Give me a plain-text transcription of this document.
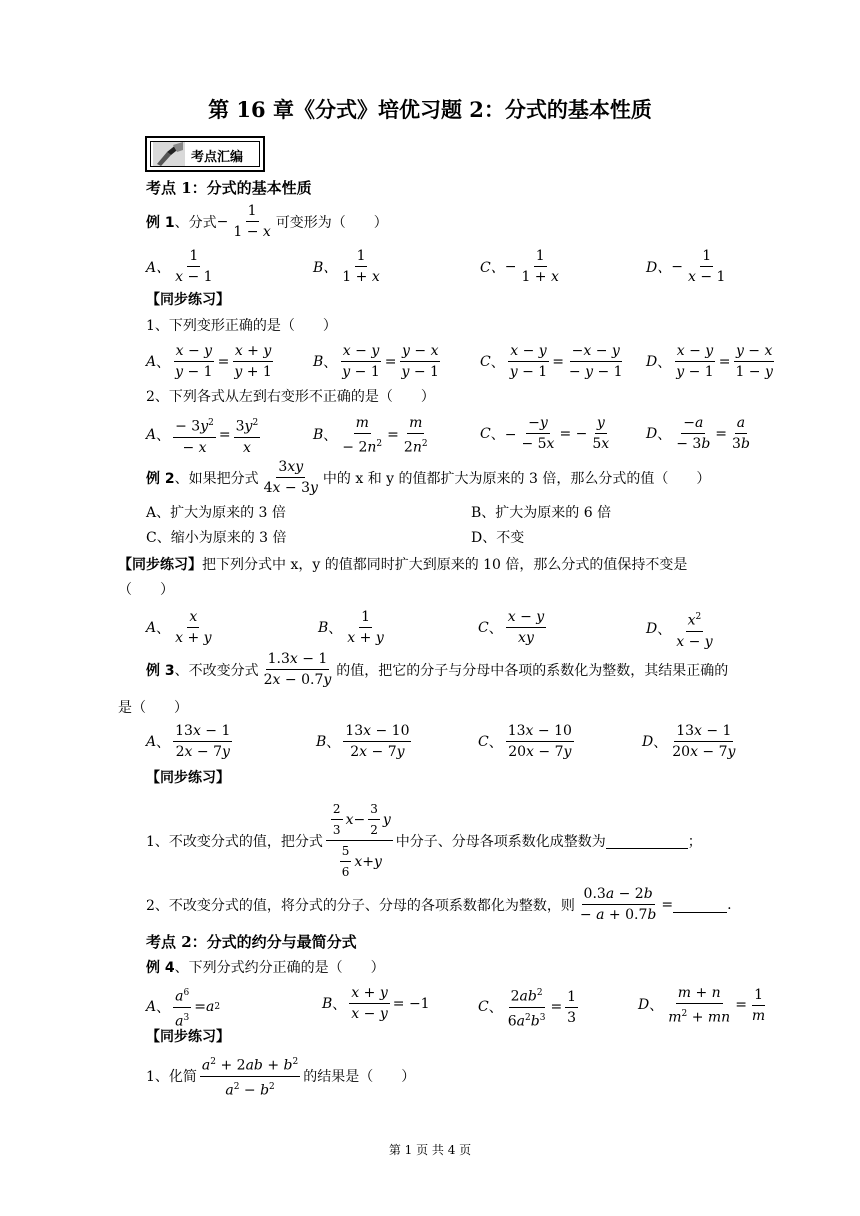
第 16 章《分式》培优习题 2：分式的基本性质
考点汇编
考点 1：分式的基本性质
例 1 、分式 − $\frac{1}{1 - x}$ 可变形为（　　）
A、 $\frac{1}{x - 1}$	B、 $\frac{1}{1 + x}$	C、 − $\frac{1}{1 + x}$	D、 − $\frac{1}{x - 1}$
【同步练习】
1、下列变形正确的是（　　）
A 、 $\frac{x - y}{y - 1} = \frac{x + y}{y + 1}$	B 、 $\frac{x - y}{y - 1} = \frac{y - x}{y - 1}$	C 、 $\frac{x - y}{y - 1} = \frac{-x - y}{- y - 1}$ D 、 $\frac{x - y}{y - 1} = \frac{y - x}{1 - y}$
2、下列各式从左到右变形不正确的是（　　）
A 、 $\frac{- 3y^2}{- x} = \frac{3y^2}{x}$	B 、 $\frac{m}{- 2n^2} = \frac{m}{2n^2}$	C 、− $\frac{-y}{- 5x}$ = − $\frac{y}{5x}$ D 、 $\frac{-a}{- 3b} = \frac{a}{3b}$
例 2 、如果把分式 $\frac{3xy}{4x - 3y}$ 中的 x 和 y 的值都扩大为原来的 3 倍，那么分式的值（　　）
A、扩大为原来的 3 倍	B、扩大为原来的 6 倍
C、缩小为原来的 3 倍	D、不变
【同步练习】把下列分式中 x，y 的值都同时扩大到原来的 10 倍，那么分式的值保持不变是
（　　）
A 、 $\frac{x}{x + y}$	B 、 $\frac{1}{x + y}$	C 、 $\frac{x - y}{xy}$	D 、 $\frac{x^2}{x - y}$
例 3 、不改变分式 $\frac{1.3x - 1}{2x - 0.7y}$ 的值，把它的分子与分母中各项的系数化为整数，其结果正确的
是（　　）
A 、 $\frac{13x - 1}{2x - 7y}$	B 、 $\frac{13x - 10}{2x - 7y}$	C 、 $\frac{13x - 10}{20x - 7y}$	D 、 $\frac{13x - 1}{20x - 7y}$
【同步练习】
1、不改变分式的值，把分式 $\frac{\frac{2}{3} x - \frac{3}{2} y}{\frac{5}{6} x + y}$ 中分子、分母各项系数化成整数为	；
2、不改变分式的值，将分式的分子、分母的各项系数都化为整数，则 $\frac{0.3a - 2b}{- a + 0.7b}$ =	.
考点 2：分式的约分与最简分式
例 4、下列分式约分正确的是（　　）
A 、 $\frac{a^6}{a^3} = a$ 2	B 、 $\frac{x + y}{x - y} = -1$	C 、 $\frac{2ab^2}{6a^2b^3} = \frac{1}{3}$	D 、 $\frac{m + n}{m^2 + mn} = \frac{1}{m}$
【同步练习】
1、化简 $\frac{a^2 + 2ab + b^2}{a^2 - b^2}$ 的结果是（　　）
第 1 页 共 4 页
